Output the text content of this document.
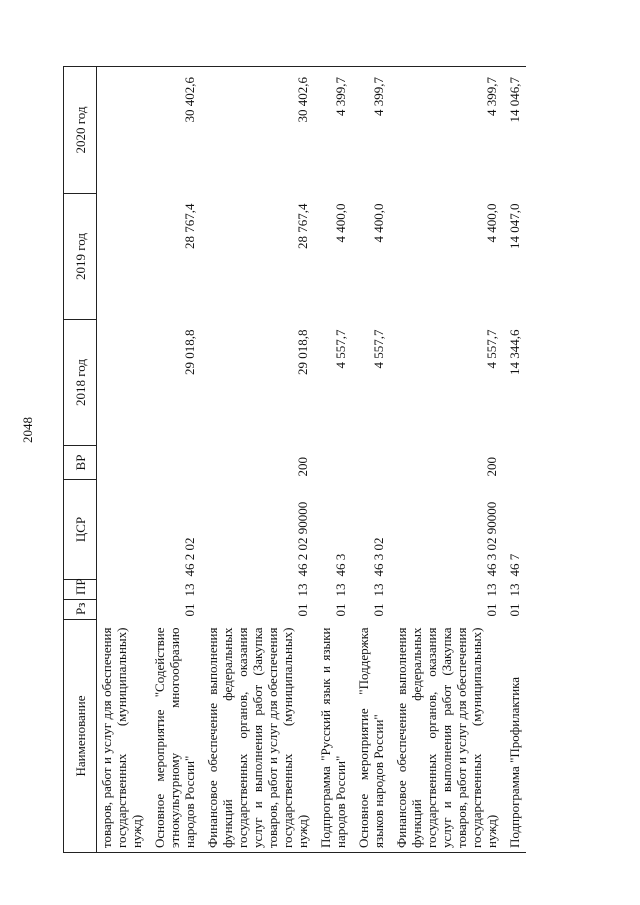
2048
Наименование	Рз	ПР	ЦСР	ВР	2018 год	2019 год	2020 год
товаров, работ и услуг для обеспечения государственных (муниципальных) нужд)							
Основное мероприятие "Содействие этнокультурному многообразию народов России"	01	13	46 2 02		29 018,8	28 767,4	30 402,6
Финансовое обеспечение выполнения функций федеральных государственных органов, оказания услуг и выполнения работ (Закупка товаров, работ и услуг для обеспечения государственных (муниципальных) нужд)	01	13	46 2 02 90000	200	29 018,8	28 767,4	30 402,6
Подпрограмма "Русский язык и языки народов России"	01	13	46 3		4 557,7	4 400,0	4 399,7
Основное мероприятие "Поддержка языков народов России"	01	13	46 3 02		4 557,7	4 400,0	4 399,7
Финансовое обеспечение выполнения функций федеральных государственных органов, оказания услуг и выполнения работ (Закупка товаров, работ и услуг для обеспечения государственных (муниципальных) нужд)	01	13	46 3 02 90000	200	4 557,7	4 400,0	4 399,7
Подпрограмма "Профилактика	01	13	46 7		14 344,6	14 047,0	14 046,7
